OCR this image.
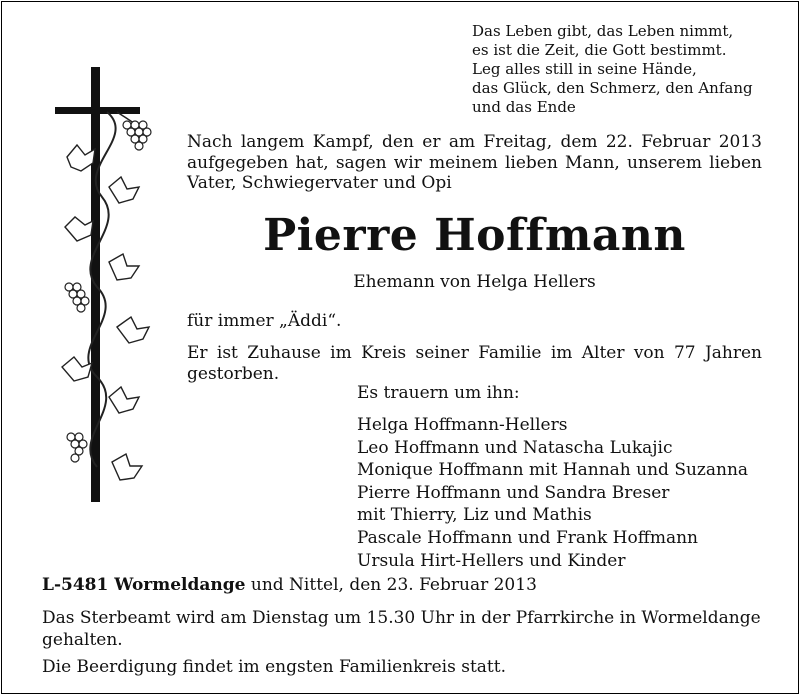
Das Leben gibt, das Leben nimmt,
es ist die Zeit, die Gott bestimmt.
Leg alles still in seine Hände,
das Glück, den Schmerz, den Anfang
und das Ende
Nach langem Kampf, den er am Freitag, dem 22. Februar 2013 aufgegeben hat, sagen wir meinem lieben Mann, unserem lieben Vater, Schwiegervater und Opi
Pierre Hoffmann
Ehemann von Helga Hellers
für immer „Äddi“.
Er ist Zuhause im Kreis seiner Familie im Alter von 77 Jahren gestorben.
Es trauern um ihn:
Helga Hoffmann-Hellers
Leo Hoffmann und Natascha Lukajic
Monique Hoffmann mit Hannah und Suzanna
Pierre Hoffmann und Sandra Breser
mit Thierry, Liz und Mathis
Pascale Hoffmann und Frank Hoffmann
Ursula Hirt-Hellers und Kinder
L-5481 Wormeldange und Nittel, den 23. Februar 2013
Das Sterbeamt wird am Dienstag um 15.30 Uhr in der Pfarrkirche in Wormeldange gehalten.
Die Beerdigung findet im engsten Familienkreis statt.
